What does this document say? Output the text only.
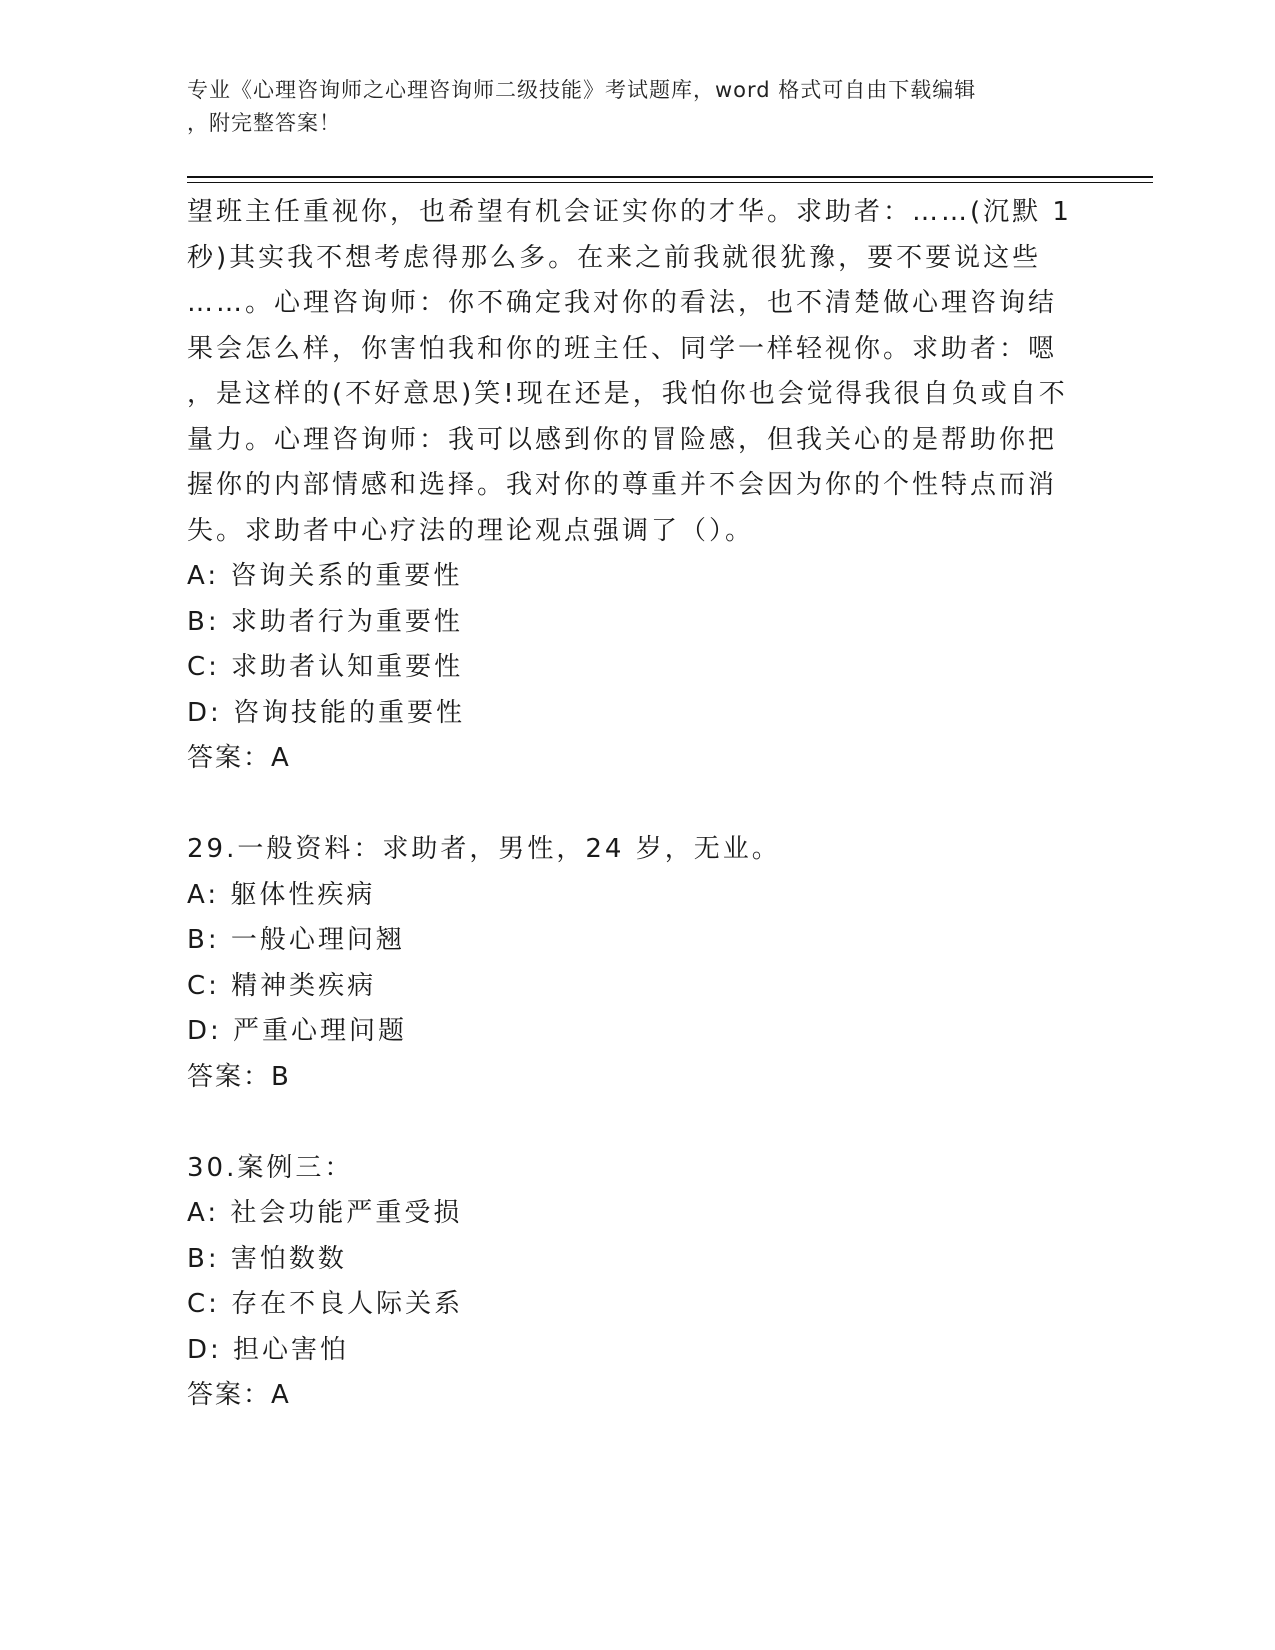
专业《心理咨询师之心理咨询师二级技能》考试题库，word 格式可自由下载编辑
，附完整答案！

望班主任重视你，也希望有机会证实你的才华。求助者：……(沉默 1

秒)其实我不想考虑得那么多。在来之前我就很犹豫，要不要说这些

……。心理咨询师：你不确定我对你的看法，也不清楚做心理咨询结

果会怎么样，你害怕我和你的班主任、同学一样轻视你。求助者：嗯

，是这样的(不好意思)笑!现在还是，我怕你也会觉得我很自负或自不

量力。心理咨询师：我可以感到你的冒险感，但我关心的是帮助你把

握你的内部情感和选择。我对你的尊重并不会因为你的个性特点而消

失。求助者中心疗法的理论观点强调了（）。

A: 咨询关系的重要性

B: 求助者行为重要性

C: 求助者认知重要性

D: 咨询技能的重要性

答案：A

29.一般资料：求助者，男性，24 岁，无业。

A: 躯体性疾病

B: 一般心理问翘

C: 精神类疾病

D: 严重心理问题

答案：B

30.案例三：

A: 社会功能严重受损

B: 害怕数数

C: 存在不良人际关系

D: 担心害怕

答案：A
